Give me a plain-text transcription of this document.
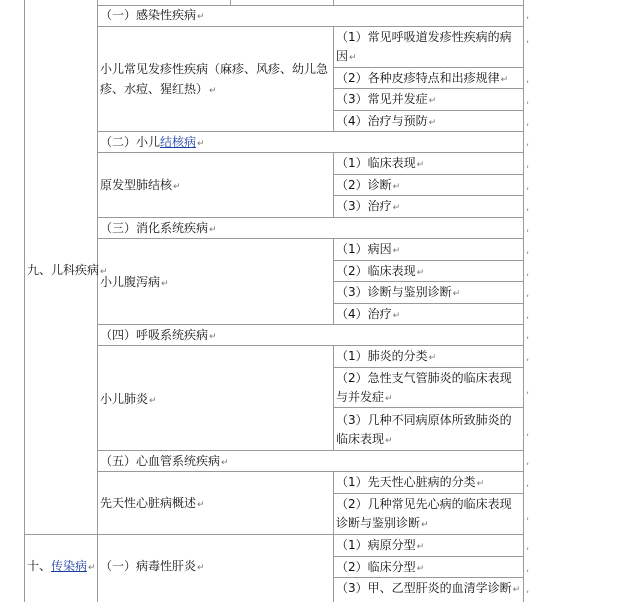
（一）感染性疾病↵
小儿常见发疹性疾病（麻疹、风疹、幼儿急
疹、水痘、猩红热）↵
（1）常见呼吸道发疹性疾病的病
因↵
（2）各种皮疹特点和出疹规律↵
（3）常见并发症↵
（4）治疗与预防↵
（二）小儿结核病↵
原发型肺结核↵
（1）临床表现↵
（2）诊断↵
（3）治疗↵
（三）消化系统疾病↵
九、儿科疾病↵
小儿腹泻病↵
（1）病因↵
（2）临床表现↵
（3）诊断与鉴别诊断↵
（4）治疗↵
（四）呼吸系统疾病↵
小儿肺炎↵
（1）肺炎的分类↵
（2）急性支气管肺炎的临床表现
与并发症↵
（3）几种不同病原体所致肺炎的
临床表现↵
（五）心血管系统疾病↵
先天性心脏病概述↵
（1）先天性心脏病的分类↵
（2）几种常见先心病的临床表现
诊断与鉴别诊断↵
十、传染病↵ （一）病毒性肝炎↵
（1）病原分型↵
（2）临床分型↵
（3）甲、乙型肝炎的血清学诊断↵
,
,
,
,
,
,
,
,
,
,
,
,
,
,
,
,
,
,
,
,
,
,
,
,
